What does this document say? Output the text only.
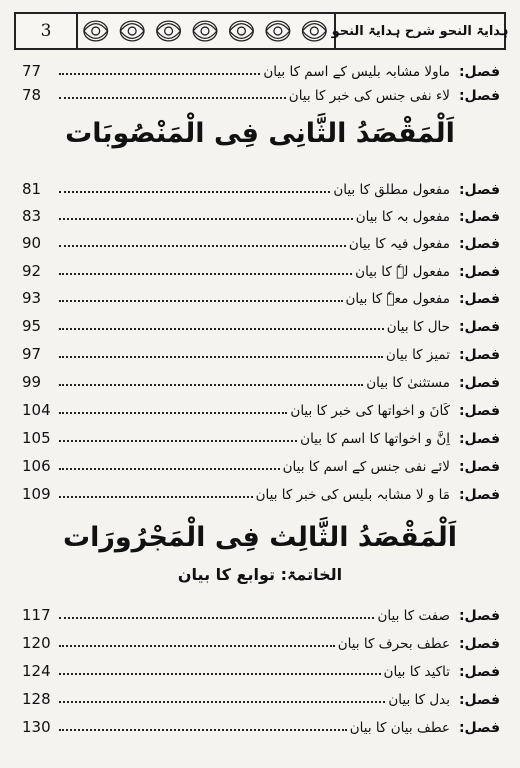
3	ہدایۃ النحو شرح ہدایۃ النحو
فصل:
ماولا مشابہ بلیس کے اسم کا بیان
77
فصل:
لاء نفی جنس کی خبر کا بیان
78
اَلْمَقْصَدُ الثَّانِی فِی الْمَنْصُوبَات
فصل:
مفعول مطلق کا بیان
81
فصل:
مفعول بہ کا بیان
83
فصل:
مفعول فیہ کا بیان
90
فصل:
مفعول لہٗ کا بیان
92
فصل:
مفعول معہٗ کا بیان
93
فصل:
حال کا بیان
95
فصل:
تمیز کا بیان
97
فصل:
مستثنیٰ کا بیان
99
فصل:
کَانَ و اخواتھا کی خبر کا بیان
104
فصل:
اِنَّ و اخواتھا کا اسم کا بیان
105
فصل:
لائے نفی جنس کے اسم کا بیان
106
فصل:
مَا و لا مشابہ بلیس کی خبر کا بیان
109
اَلْمَقْصَدُ الثَّالِث فِی الْمَجْرُورَات
الخاتمۃ: توابع کا بیان
فصل:
صفت کا بیان
117
فصل:
عطف بحرف کا بیان
120
فصل:
تاکید کا بیان
124
فصل:
بدل کا بیان
128
فصل:
عطف بیان کا بیان
130
